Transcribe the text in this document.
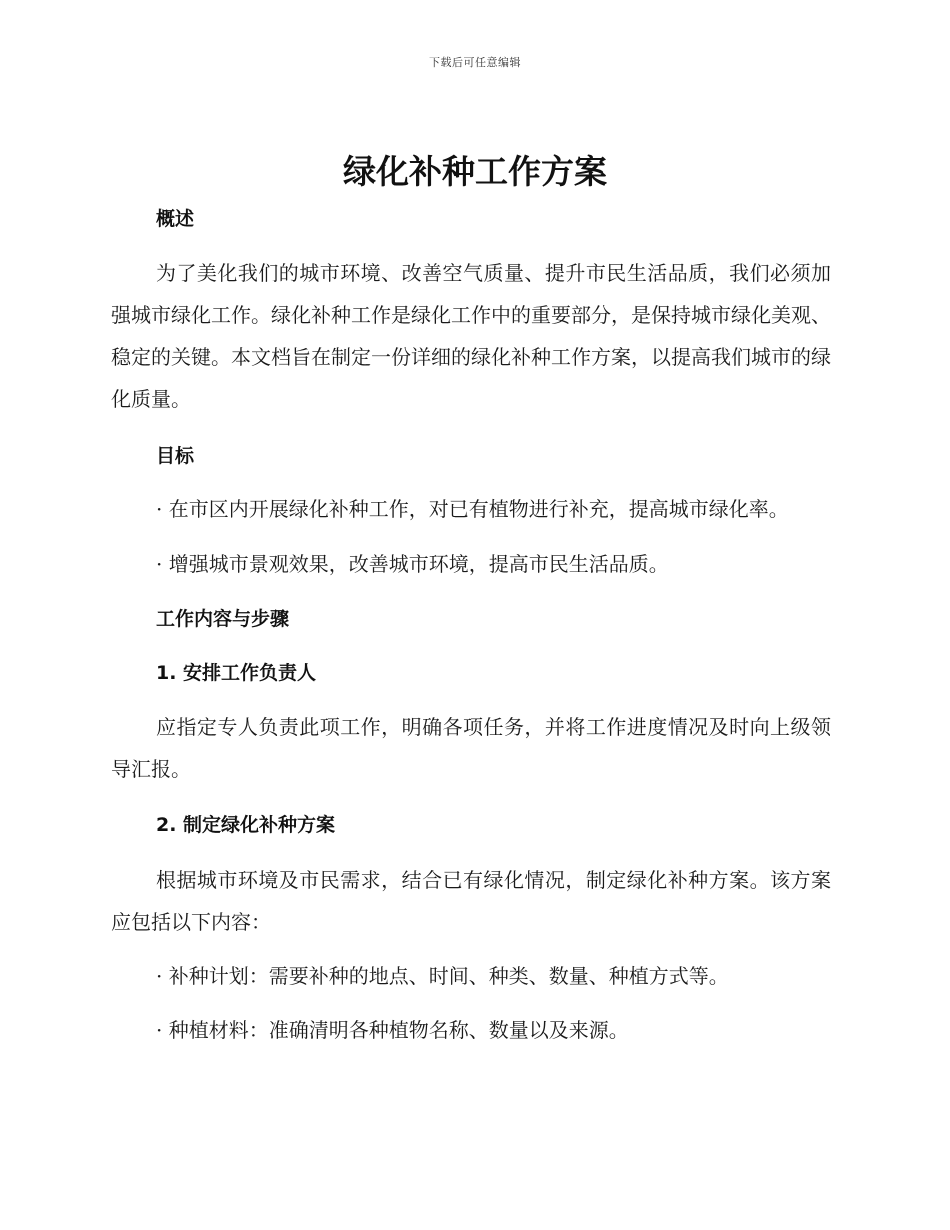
下载后可任意编辑
绿化补种工作方案

概述

为了美化我们的城市环境、改善空气质量、提升市民生活品质，我们必须加强城市绿化工作。绿化补种工作是绿化工作中的重要部分，是保持城市绿化美观、稳定的关键。本文档旨在制定一份详细的绿化补种工作方案，以提高我们城市的绿化质量。

目标

· 在市区内开展绿化补种工作，对已有植物进行补充，提高城市绿化率。

· 增强城市景观效果，改善城市环境，提高市民生活品质。

工作内容与步骤

1. 安排工作负责人

应指定专人负责此项工作，明确各项任务，并将工作进度情况及时向上级领导汇报。

2. 制定绿化补种方案

根据城市环境及市民需求，结合已有绿化情况，制定绿化补种方案。该方案应包括以下内容：

· 补种计划：需要补种的地点、时间、种类、数量、种植方式等。

· 种植材料：准确清明各种植物名称、数量以及来源。
